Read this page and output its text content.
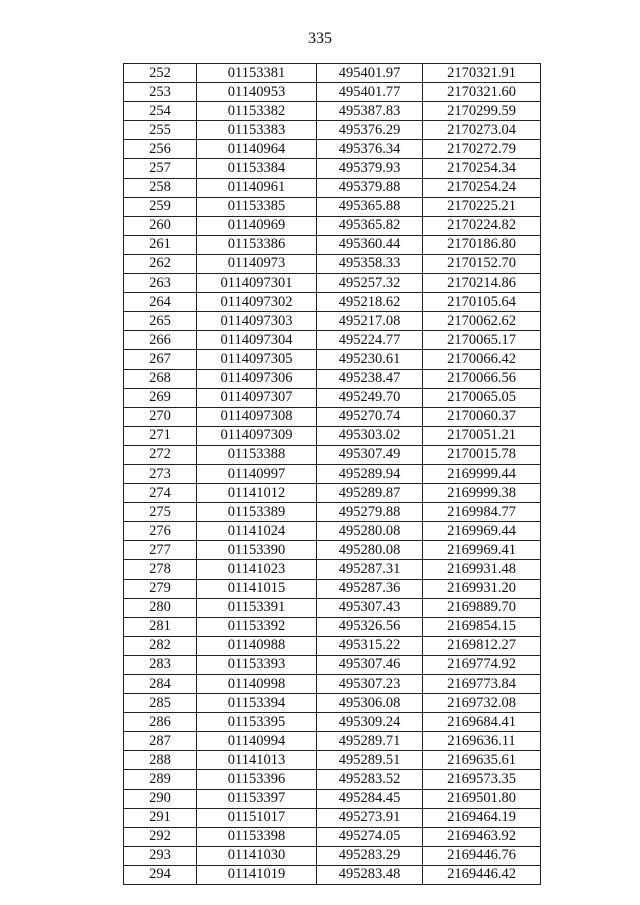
335
252	01153381	495401.97	2170321.91
253	01140953	495401.77	2170321.60
254	01153382	495387.83	2170299.59
255	01153383	495376.29	2170273.04
256	01140964	495376.34	2170272.79
257	01153384	495379.93	2170254.34
258	01140961	495379.88	2170254.24
259	01153385	495365.88	2170225.21
260	01140969	495365.82	2170224.82
261	01153386	495360.44	2170186.80
262	01140973	495358.33	2170152.70
263	0114097301	495257.32	2170214.86
264	0114097302	495218.62	2170105.64
265	0114097303	495217.08	2170062.62
266	0114097304	495224.77	2170065.17
267	0114097305	495230.61	2170066.42
268	0114097306	495238.47	2170066.56
269	0114097307	495249.70	2170065.05
270	0114097308	495270.74	2170060.37
271	0114097309	495303.02	2170051.21
272	01153388	495307.49	2170015.78
273	01140997	495289.94	2169999.44
274	01141012	495289.87	2169999.38
275	01153389	495279.88	2169984.77
276	01141024	495280.08	2169969.44
277	01153390	495280.08	2169969.41
278	01141023	495287.31	2169931.48
279	01141015	495287.36	2169931.20
280	01153391	495307.43	2169889.70
281	01153392	495326.56	2169854.15
282	01140988	495315.22	2169812.27
283	01153393	495307.46	2169774.92
284	01140998	495307.23	2169773.84
285	01153394	495306.08	2169732.08
286	01153395	495309.24	2169684.41
287	01140994	495289.71	2169636.11
288	01141013	495289.51	2169635.61
289	01153396	495283.52	2169573.35
290	01153397	495284.45	2169501.80
291	01151017	495273.91	2169464.19
292	01153398	495274.05	2169463.92
293	01141030	495283.29	2169446.76
294	01141019	495283.48	2169446.42
